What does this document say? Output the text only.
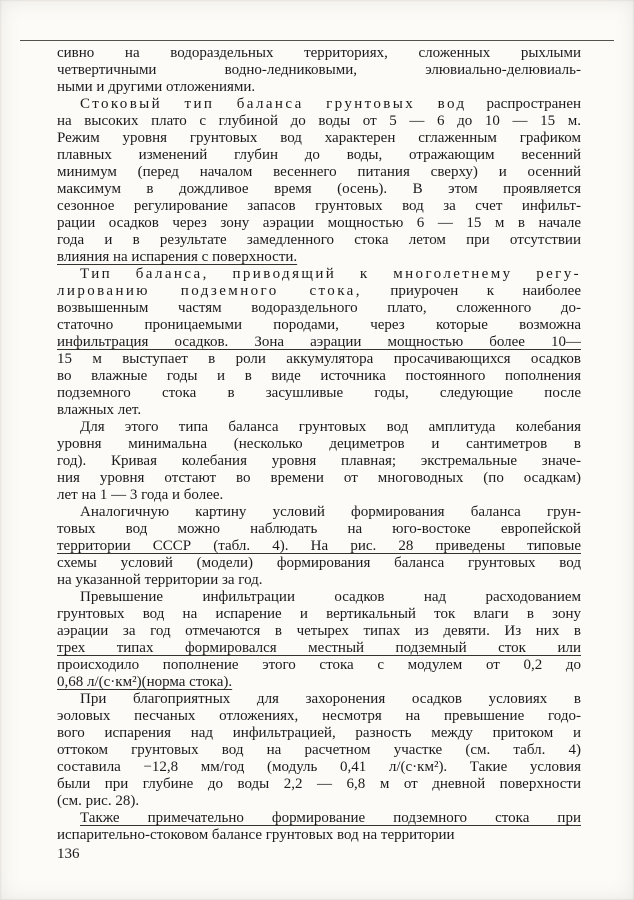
сивно на водораздельных территориях, сложенных рыхлыми
четвертичными водно-ледниковыми, элювиально-делювиаль-
ными и другими отложениями.
Стоковый тип баланса грунтовых вод распространен
на высоких плато с глубиной до воды от 5 — 6 до 10 — 15 м.
Режим уровня грунтовых вод характерен сглаженным графиком
плавных изменений глубин до воды, отражающим весенний
минимум (перед началом весеннего питания сверху) и осенний
максимум в дождливое время (осень). В этом проявляется
сезонное регулирование запасов грунтовых вод за счет инфильт-
рации осадков через зону аэрации мощностью 6 — 15 м в начале
года и в результате замедленного стока летом при отсутствии
влияния на испарения с поверхности.
Тип баланса, приводящий к многолетнему регу-
лированию подземного стока, приурочен к наиболее
возвышенным частям водораздельного плато, сложенного до-
статочно проницаемыми породами, через которые возможна
инфильтрация осадков. Зона аэрации мощностью более 10—
15 м выступает в роли аккумулятора просачивающихся осадков
во влажные годы и в виде источника постоянного пополнения
подземного стока в засушливые годы, следующие после
влажных лет.
Для этого типа баланса грунтовых вод амплитуда колебания
уровня минимальна (несколько дециметров и сантиметров в
год). Кривая колебания уровня плавная; экстремальные значе-
ния уровня отстают во времени от многоводных (по осадкам)
лет на 1 — 3 года и более.
Аналогичную картину условий формирования баланса грун-
товых вод можно наблюдать на юго-востоке европейской
территории СССР (табл. 4). На рис. 28 приведены типовые
схемы условий (модели) формирования баланса грунтовых вод
на указанной территории за год.
Превышение инфильтрации осадков над расходованием
грунтовых вод на испарение и вертикальный ток влаги в зону
аэрации за год отмечаются в четырех типах из девяти. Из них в
трех типах формировался местный подземный сток или
происходило пополнение этого стока с модулем от 0,2 до
0,68 л/(с·км²)(норма стока).
При благоприятных для захоронения осадков условиях в
эоловых песчаных отложениях, несмотря на превышение годо-
вого испарения над инфильтрацией, разность между притоком и
оттоком грунтовых вод на расчетном участке (см. табл. 4)
составила −12,8 мм/год (модуль 0,41 л/(с·км²). Такие условия
были при глубине до воды 2,2 — 6,8 м от дневной поверхности
(см. рис. 28).
Также примечательно формирование подземного стока при
испарительно-стоковом балансе грунтовых вод на территории
136
